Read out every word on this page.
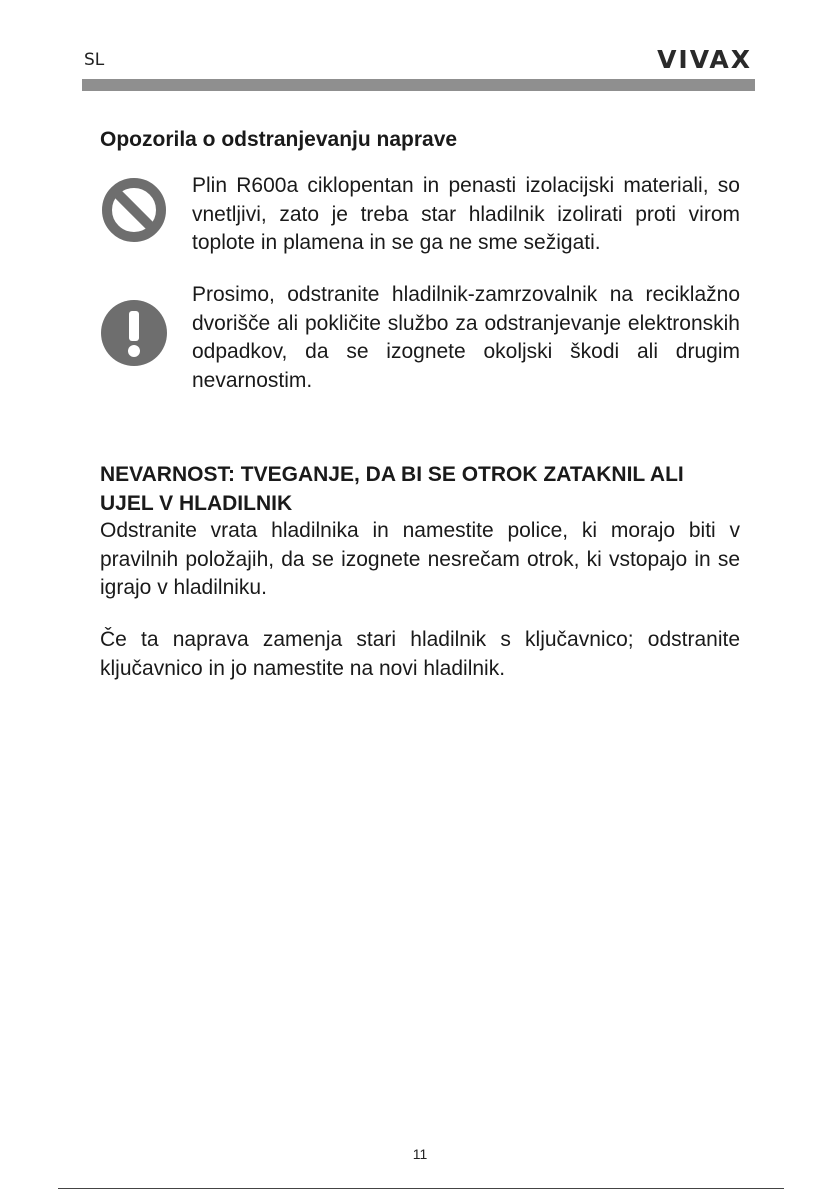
SL	VIVAX
Opozorila o odstranjevanju naprave

Plin R600a ciklopentan in penasti izolacijski materiali, so vnetljivi, zato je treba star hladilnik izolirati proti virom toplote in plamena in se ga ne sme sežigati.

Prosimo, odstranite hladilnik-zamrzovalnik na reciklažno dvorišče ali pokličite službo za odstranjevanje elektronskih odpadkov, da se izognete okoljski škodi ali drugim nevarnostim.

NEVARNOST: TVEGANJE, DA BI SE OTROK ZATAKNIL ALI UJEL V HLADILNIK

Odstranite vrata hladilnika in namestite police, ki morajo biti v pravilnih položajih, da se izognete nesrečam otrok, ki vstopajo in se igrajo v hladilniku.

Če ta naprava zamenja stari hladilnik s ključavnico; odstranite ključavnico in jo namestite na novi hladilnik.

11
